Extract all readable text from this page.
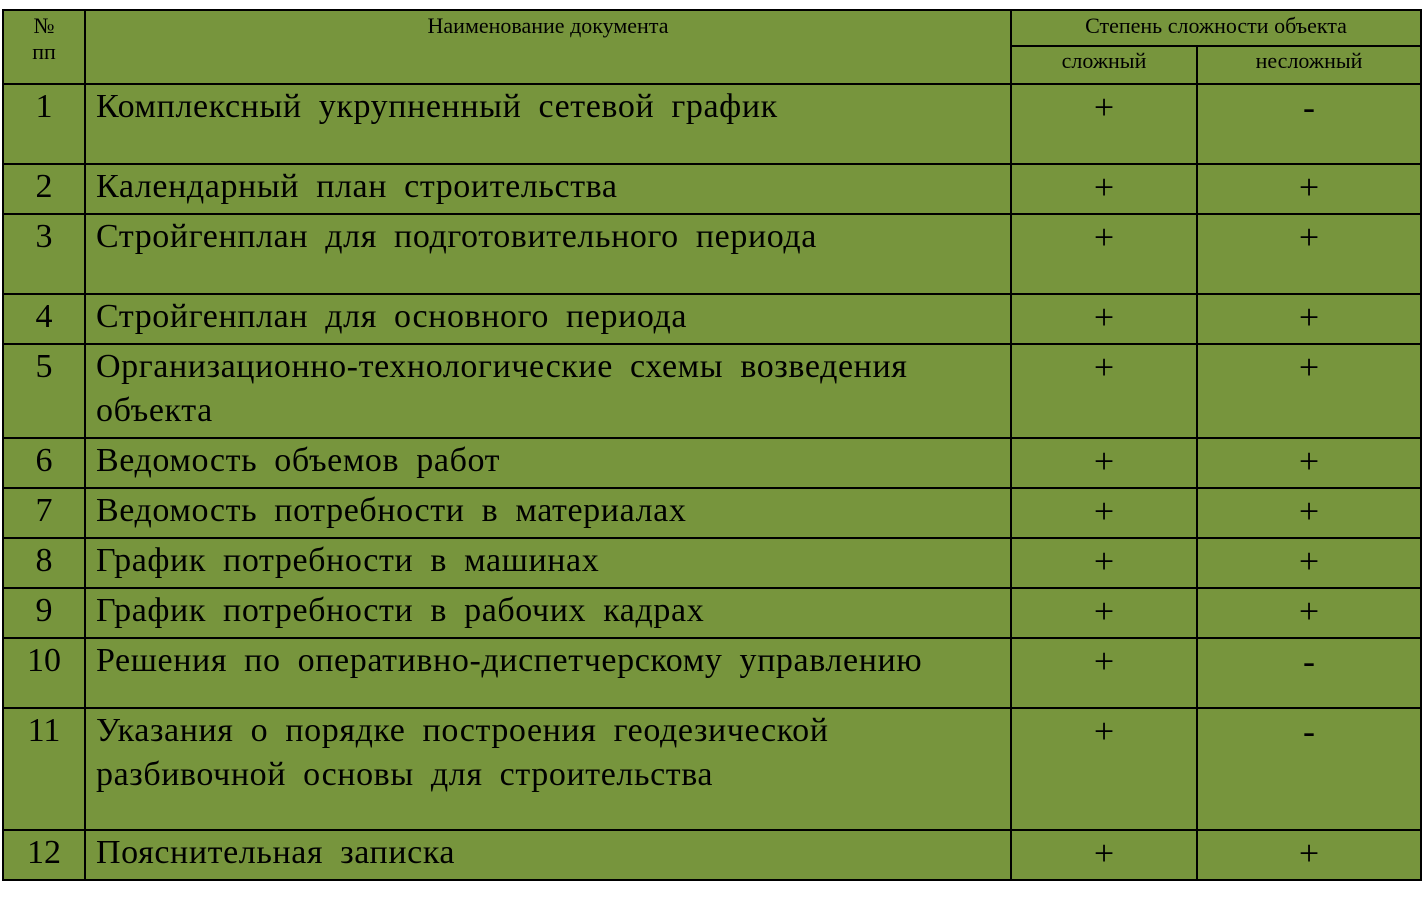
№
пп	Наименование документа	Степень сложности объекта	
		сложный	несложный
1	Комплексный укрупненный сетевой график	+	-
2	Календарный план строительства	+	+
3	Стройгенплан для подготовительного периода	+	+
4	Стройгенплан для основного периода	+	+
5	Организационно-технологические схемы возведения
объекта	+	+
6	Ведомость объемов работ	+	+
7	Ведомость потребности в материалах	+	+
8	График потребности в машинах	+	+
9	График потребности в рабочих кадрах	+	+
10	Решения по оперативно-диспетчерскому управлению	+	-
11	Указания о порядке построения геодезической
разбивочной основы для строительства	+	-
12	Пояснительная записка	+	+
